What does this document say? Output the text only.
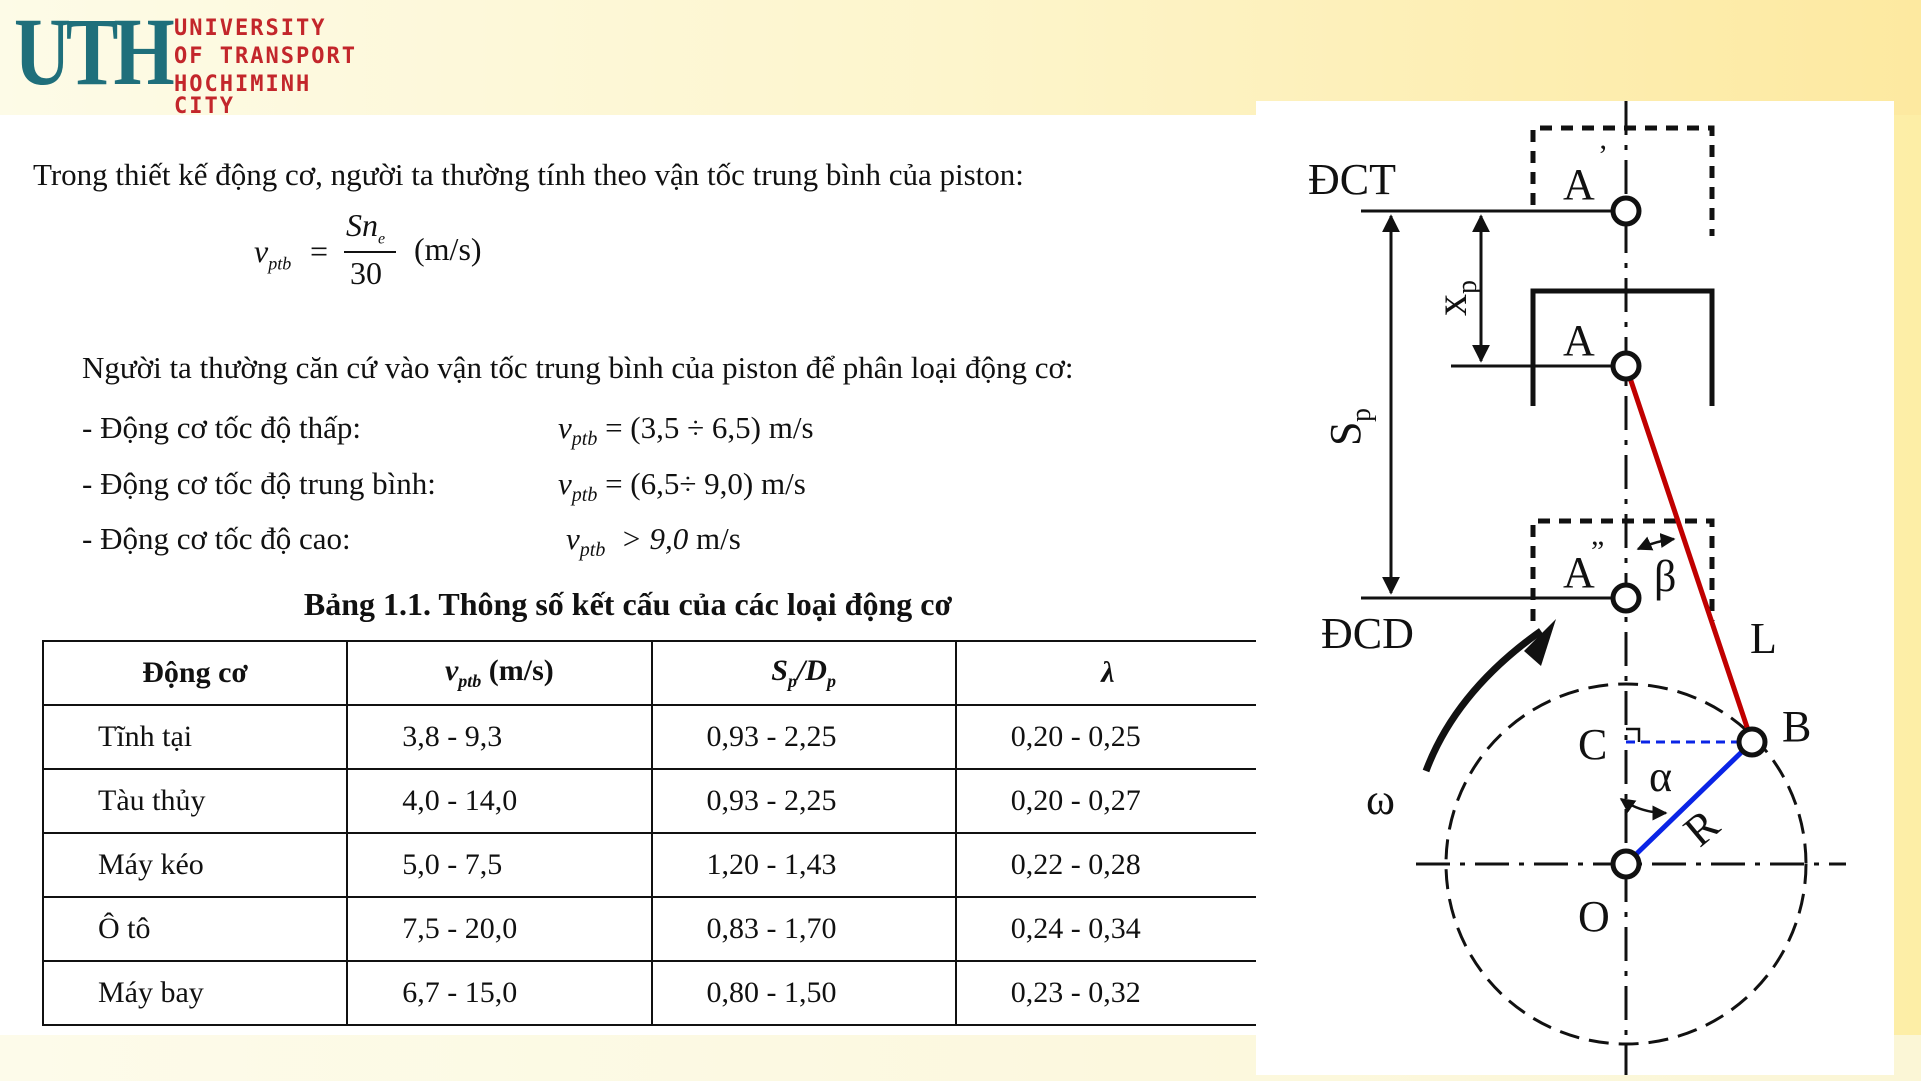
UTH UNIVERSITY
OF TRANSPORT
HOCHIMINH CITY
Trong thiết kế động cơ, người ta thường tính theo vận tốc trung bình của piston:
$v_{ptb}$ =
$Sn_e$
30
(m/s)
Người ta thường căn cứ vào vận tốc trung bình của piston để phân loại động cơ:
- Động cơ tốc độ thấp:	$v_{ptb} = (3,5 \div 6,5)$ m/s
- Động cơ tốc độ trung bình:	$v_{ptb} = (6,5\div 9,0)$ m/s
- Động cơ tốc độ cao:	$v_{ptb} > 9,0$ m/s
Bảng 1.1. Thông số kết cấu của các loại động cơ
Động cơ	$v_{ptb}$ (m/s)	$S_p/D_p$	λ
Tĩnh tại	3,8 - 9,3	0,93 - 2,25	0,20 - 0,25
Tàu thủy	4,0 - 14,0	0,93 - 2,25	0,20 - 0,27
Máy kéo	5,0 - 7,5	1,20 - 1,43	0,22 - 0,28
Ô tô	7,5 - 20,0	0,83 - 1,70	0,24 - 0,34
Máy bay	6,7 - 15,0	0,80 - 1,50	0,23 - 0,32
ĐCT
ĐCD
A
’
A
A
”
x
p
S
p
β
L
B
C
α
R
ω
O
